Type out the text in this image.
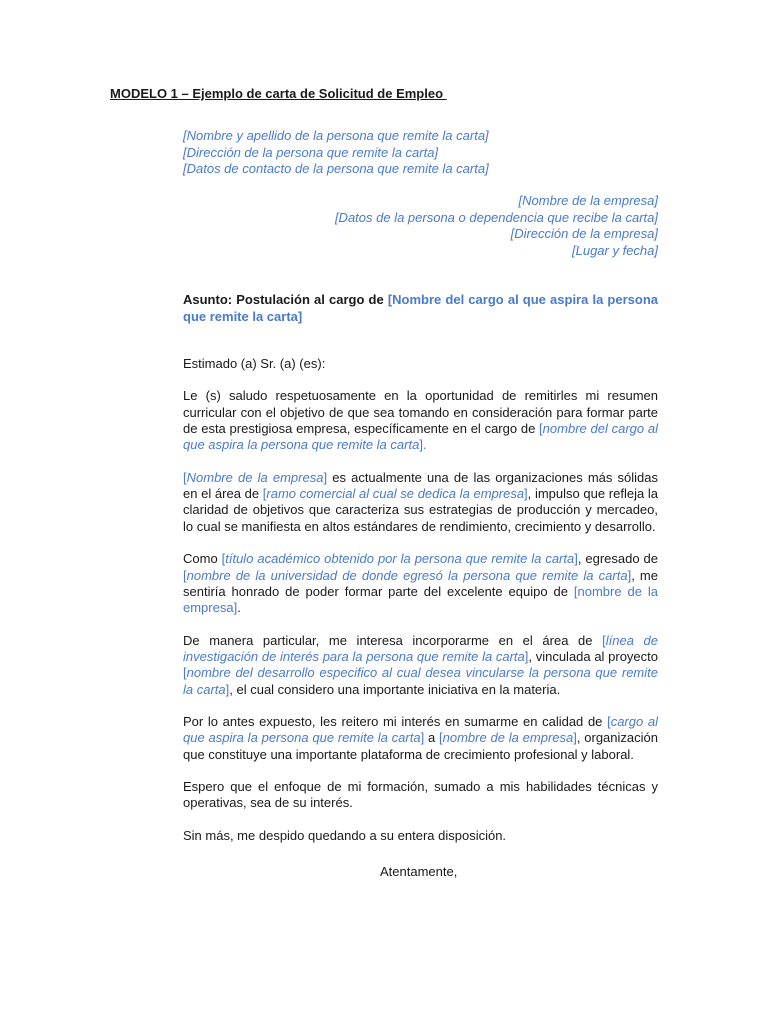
MODELO 1 – Ejemplo de carta de Solicitud de Empleo
[Nombre y apellido de la persona que remite la carta]
[Dirección de la persona que remite la carta]
[Datos de contacto de la persona que remite la carta]
[Nombre de la empresa]
[Datos de la persona o dependencia que recibe la carta]
[Dirección de la empresa]
[Lugar y fecha]
Asunto: Postulación al cargo de [Nombre del cargo al que aspira la persona que remite la carta]

Estimado (a) Sr. (a) (es):

Le (s) saludo respetuosamente en la oportunidad de remitirles mi resumen curricular con el objetivo de que sea tomando en consideración para formar parte de esta prestigiosa empresa, específicamente en el cargo de [nombre del cargo al que aspira la persona que remite la carta].

[Nombre de la empresa] es actualmente una de las organizaciones más sólidas en el área de [ramo comercial al cual se dedica la empresa], impulso que refleja la claridad de objetivos que caracteriza sus estrategias de producción y mercadeo, lo cual se manifiesta en altos estándares de rendimiento, crecimiento y desarrollo.

Como [título académico obtenido por la persona que remite la carta], egresado de [nombre de la universidad de donde egresó la persona que remite la carta], me sentiría honrado de poder formar parte del excelente equipo de [nombre de la empresa].

De manera particular, me interesa incorporarme en el área de [línea de investigación de interés para la persona que remite la carta], vinculada al proyecto [nombre del desarrollo especifico al cual desea vincularse la persona que remite la carta], el cual considero una importante iniciativa en la materia.

Por lo antes expuesto, les reitero mi interés en sumarme en calidad de [cargo al que aspira la persona que remite la carta] a [nombre de la empresa], organización que constituye una importante plataforma de crecimiento profesional y laboral.

Espero que el enfoque de mi formación, sumado a mis habilidades técnicas y operativas, sea de su interés.

Sin más, me despido quedando a su entera disposición.

Atentamente,
